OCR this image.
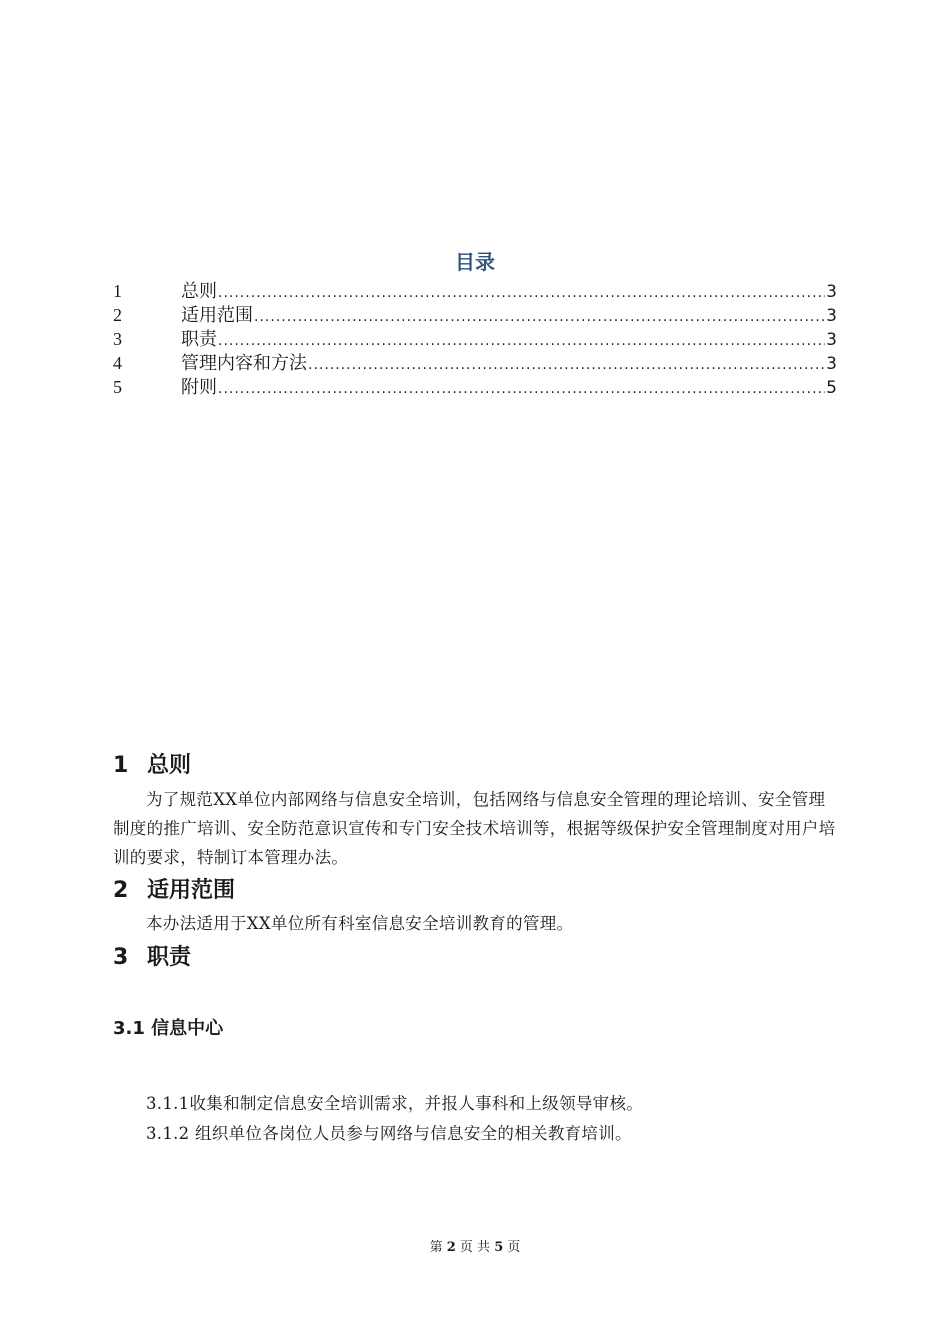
目录
1	总则 .....	3
2	适用范围 .....	3
3	职责 .....	3
4	管理内容和方法 .....	3
5	附则 .....	5
1 总则
为了规范XX单位内部网络与信息安全培训，包括网络与信息安全管理的理论培训、安全管理制度的推广培训、安全防范意识宣传和专门安全技术培训等，根据等级保护安全管理制度对用户培训的要求，特制订本管理办法。
2 适用范围
本办法适用于XX单位所有科室信息安全培训教育的管理。
3 职责
3.1 信息中心
3.1.1收集和制定信息安全培训需求，并报人事科和上级领导审核。
3.1.2 组织单位各岗位人员参与网络与信息安全的相关教育培训。
第 2 页 共 5 页
